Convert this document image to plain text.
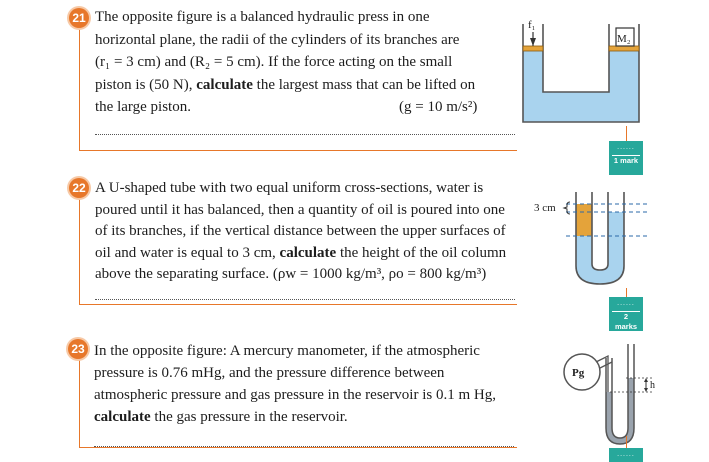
21 The opposite figure is a balanced hydraulic press in one

horizontal plane, the radii of the cylinders of its branches are

(r₁ = 3 cm) and (R₂ = 5 cm). If the force acting on the small

piston is (50 N), calculate the largest mass that can be lifted on

the large piston.	(g = 10 m/s²)

f₁
M₂
......
1 mark
22 A U-shaped tube with two equal uniform cross-sections, water is

poured until it has balanced, then a quantity of oil is poured into one

of its branches, if the vertical distance between the upper surfaces of

oil and water is equal to 3 cm, calculate the height of the oil column

above the separating surface. (ρw = 1000 kg/m³, ρo = 800 kg/m³)

3 cm
......
2 marks
23 In the opposite figure: A mercury manometer, if the atmospheric

pressure is 0.76 mHg, and the pressure difference between

atmospheric pressure and gas pressure in the reservoir is 0.1 m Hg,

calculate the gas pressure in the reservoir.

Pg
h
......
